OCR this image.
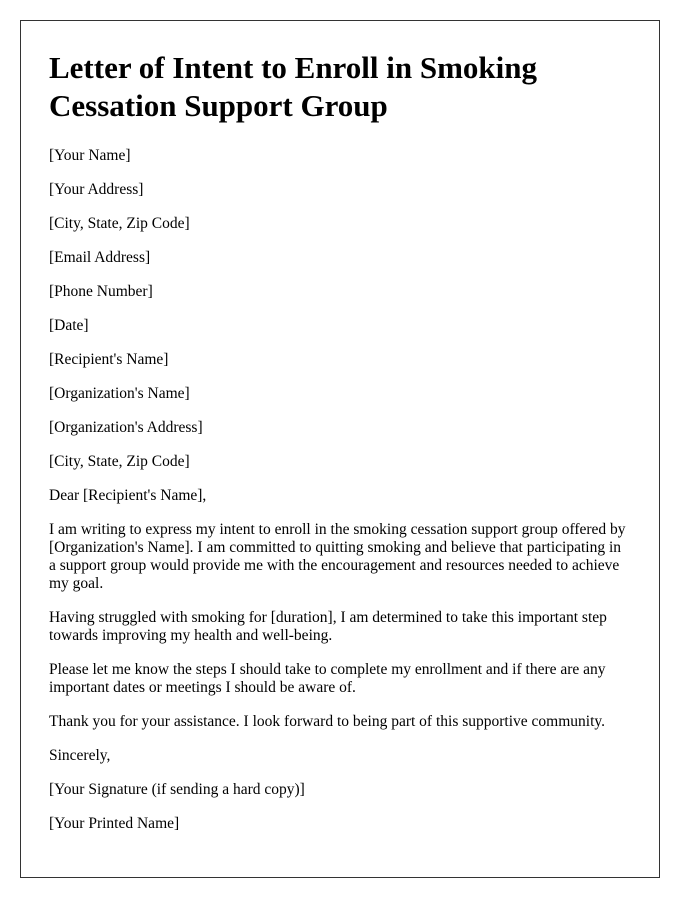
Letter of Intent to Enroll in Smoking Cessation Support Group
[Your Name]
[Your Address]
[City, State, Zip Code]
[Email Address]
[Phone Number]
[Date]
[Recipient's Name]
[Organization's Name]
[Organization's Address]
[City, State, Zip Code]
Dear [Recipient's Name],

I am writing to express my intent to enroll in the smoking cessation support group offered by [Organization's Name]. I am committed to quitting smoking and believe that participating in a support group would provide me with the encouragement and resources needed to achieve my goal.

Having struggled with smoking for [duration], I am determined to take this important step towards improving my health and well-being.

Please let me know the steps I should take to complete my enrollment and if there are any important dates or meetings I should be aware of.

Thank you for your assistance. I look forward to being part of this supportive community.

Sincerely,
[Your Signature (if sending a hard copy)]
[Your Printed Name]
